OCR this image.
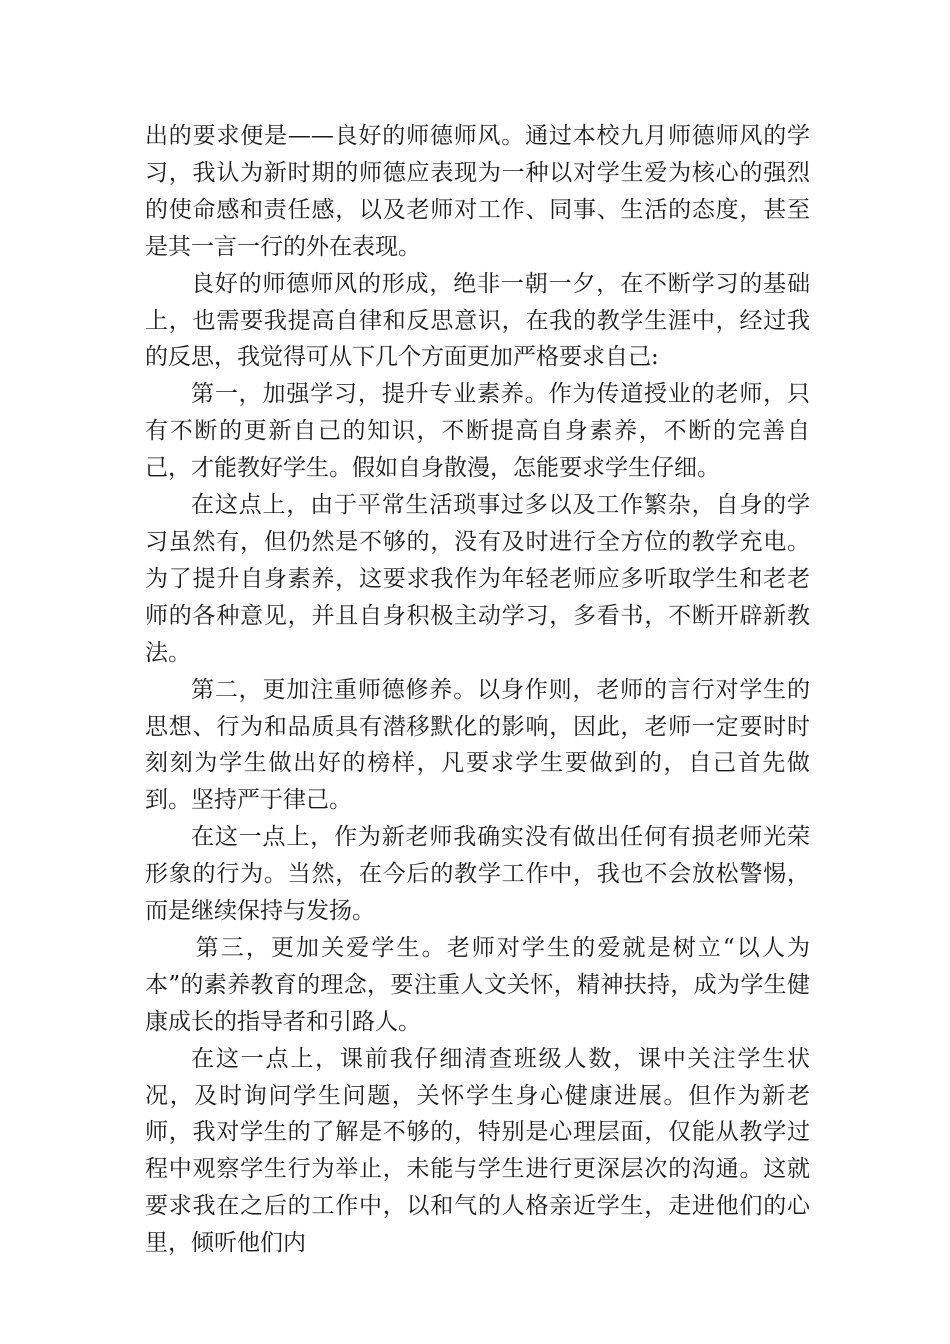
出的要求便是——良好的师德师风。通过本校九月师德师风的学习，我认为新时期的师德应表现为一种以对学生爱为核心的强烈的使命感和责任感，以及老师对工作、同事、生活的态度，甚至是其一言一行的外在表现。

良好的师德师风的形成，绝非一朝一夕，在不断学习的基础上，也需要我提高自律和反思意识，在我的教学生涯中，经过我的反思，我觉得可从下几个方面更加严格要求自己:

第一，加强学习，提升专业素养。作为传道授业的老师，只有不断的更新自己的知识，不断提高自身素养，不断的完善自己，才能教好学生。假如自身散漫，怎能要求学生仔细。

在这点上，由于平常生活琐事过多以及工作繁杂，自身的学习虽然有，但仍然是不够的，没有及时进行全方位的教学充电。为了提升自身素养，这要求我作为年轻老师应多听取学生和老老师的各种意见，并且自身积极主动学习，多看书，不断开辟新教法。

第二，更加注重师德修养。以身作则，老师的言行对学生的思想、行为和品质具有潜移默化的影响，因此，老师一定要时时刻刻为学生做出好的榜样，凡要求学生要做到的，自己首先做到。坚持严于律己。

在这一点上，作为新老师我确实没有做出任何有损老师光荣形象的行为。当然，在今后的教学工作中，我也不会放松警惕，而是继续保持与发扬。

第三，更加关爱学生。老师对学生的爱就是树立“以人为本”的素养教育的理念，要注重人文关怀，精神扶持，成为学生健康成长的指导者和引路人。

在这一点上，课前我仔细清查班级人数，课中关注学生状况，及时询问学生问题，关怀学生身心健康进展。但作为新老师，我对学生的了解是不够的，特别是心理层面，仅能从教学过程中观察学生行为举止，未能与学生进行更深层次的沟通。这就要求我在之后的工作中，以和气的人格亲近学生，走进他们的心里，倾听他们内
